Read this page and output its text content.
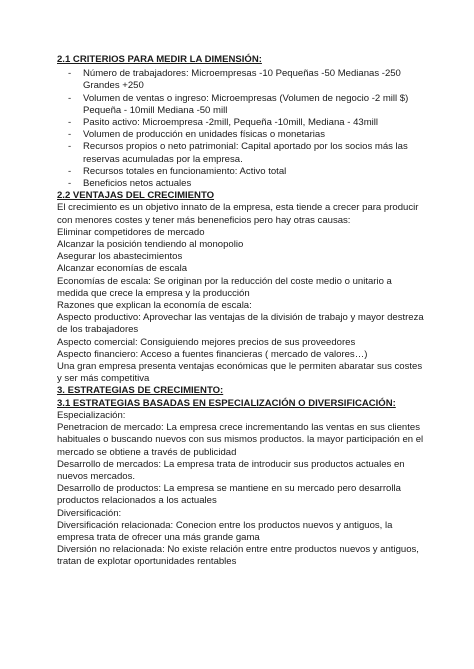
2.1 CRITERIOS PARA MEDIR LA DIMENSIÓN:

- Número de trabajadores: Microempresas -10 Pequeñas -50 Medianas -250 Grandes +250
- Volumen de ventas o ingreso: Microempresas (Volumen de negocio -2 mill $) Pequeña - 10mill Mediana -50 mill
- Pasito activo: Microempresa -2mill, Pequeña -10mill, Mediana - 43mill
- Volumen de producción en unidades físicas o monetarias
- Recursos propios o neto patrimonial: Capital aportado por los socios más las reservas acumuladas por la empresa.
- Recursos totales en funcionamiento: Activo total
- Beneficios netos actuales

2.2 VENTAJAS DEL CRECIMIENTO

El crecimiento es un objetivo innato de la empresa, esta tiende a crecer para producir con menores costes y tener más beneneficios pero hay otras causas:

Eliminar competidores de mercado

Alcanzar la posición tendiendo al monopolio

Asegurar los abastecimientos

Alcanzar economías de escala

Economías de escala: Se originan por la reducción del coste medio o unitario a medida que crece la empresa y la producción

Razones que explican la economía de escala:

Aspecto productivo: Aprovechar las ventajas de la división de trabajo y mayor destreza de los trabajadores

Aspecto comercial: Consiguiendo mejores precios de sus proveedores

Aspecto financiero: Acceso a fuentes financieras ( mercado de valores…)

Una gran empresa presenta ventajas económicas que le permiten abaratar sus costes y ser más competitiva

3. ESTRATEGIAS DE CRECIMIENTO:

3.1 ESTRATEGIAS BASADAS EN ESPECIALIZACIÓN O DIVERSIFICACIÓN:

Especialización:

Penetracion de mercado: La empresa crece incrementando las ventas en sus clientes habituales o buscando nuevos con sus mismos productos. la mayor participación en el mercado se obtiene a través de publicidad

Desarrollo de mercados: La empresa trata de introducir sus productos actuales en nuevos mercados.

Desarrollo de productos: La empresa se mantiene en su mercado pero desarrolla productos relacionados a los actuales

Diversificación:

Diversificación relacionada: Conecion entre los productos nuevos y antiguos, la empresa trata de ofrecer una más grande gama

Diversión no relacionada: No existe relación entre entre productos nuevos y antiguos, tratan de explotar oportunidades rentables
